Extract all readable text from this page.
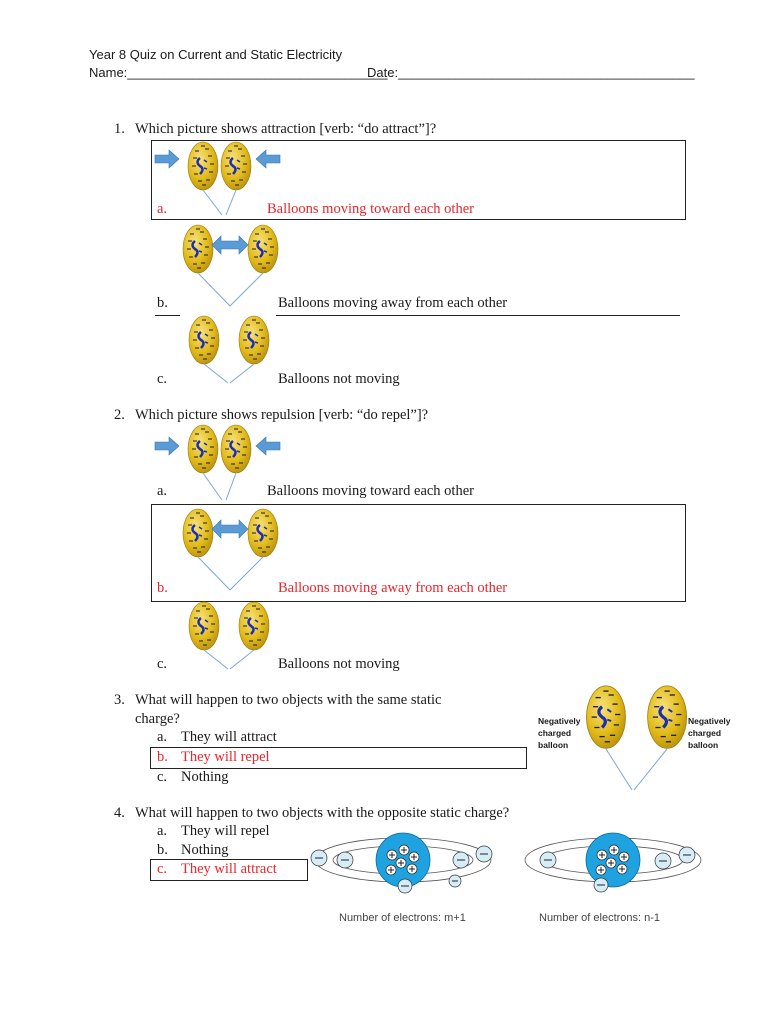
Year 8 Quiz on Current and Static Electricity
Name:____________________________________
Date:_________________________________________
1. Which picture shows attraction [verb: “do attract”]?
a.	Balloons moving toward each other
b.	Balloons moving away from each other
c.	Balloons not moving
2. Which picture shows repulsion [verb: “do repel”]?
a.	Balloons moving toward each other
b.	Balloons moving away from each other
c.	Balloons not moving
3. What will happen to two objects with the same static
charge?
a. They will attract
b. They will repel
c. Nothing
Negatively charged balloon
Negatively charged balloon
4. What will happen to two objects with the opposite static charge?
a. They will repel
b. Nothing
c. They will attract
Number of electrons: m+1	Number of electrons: n-1
